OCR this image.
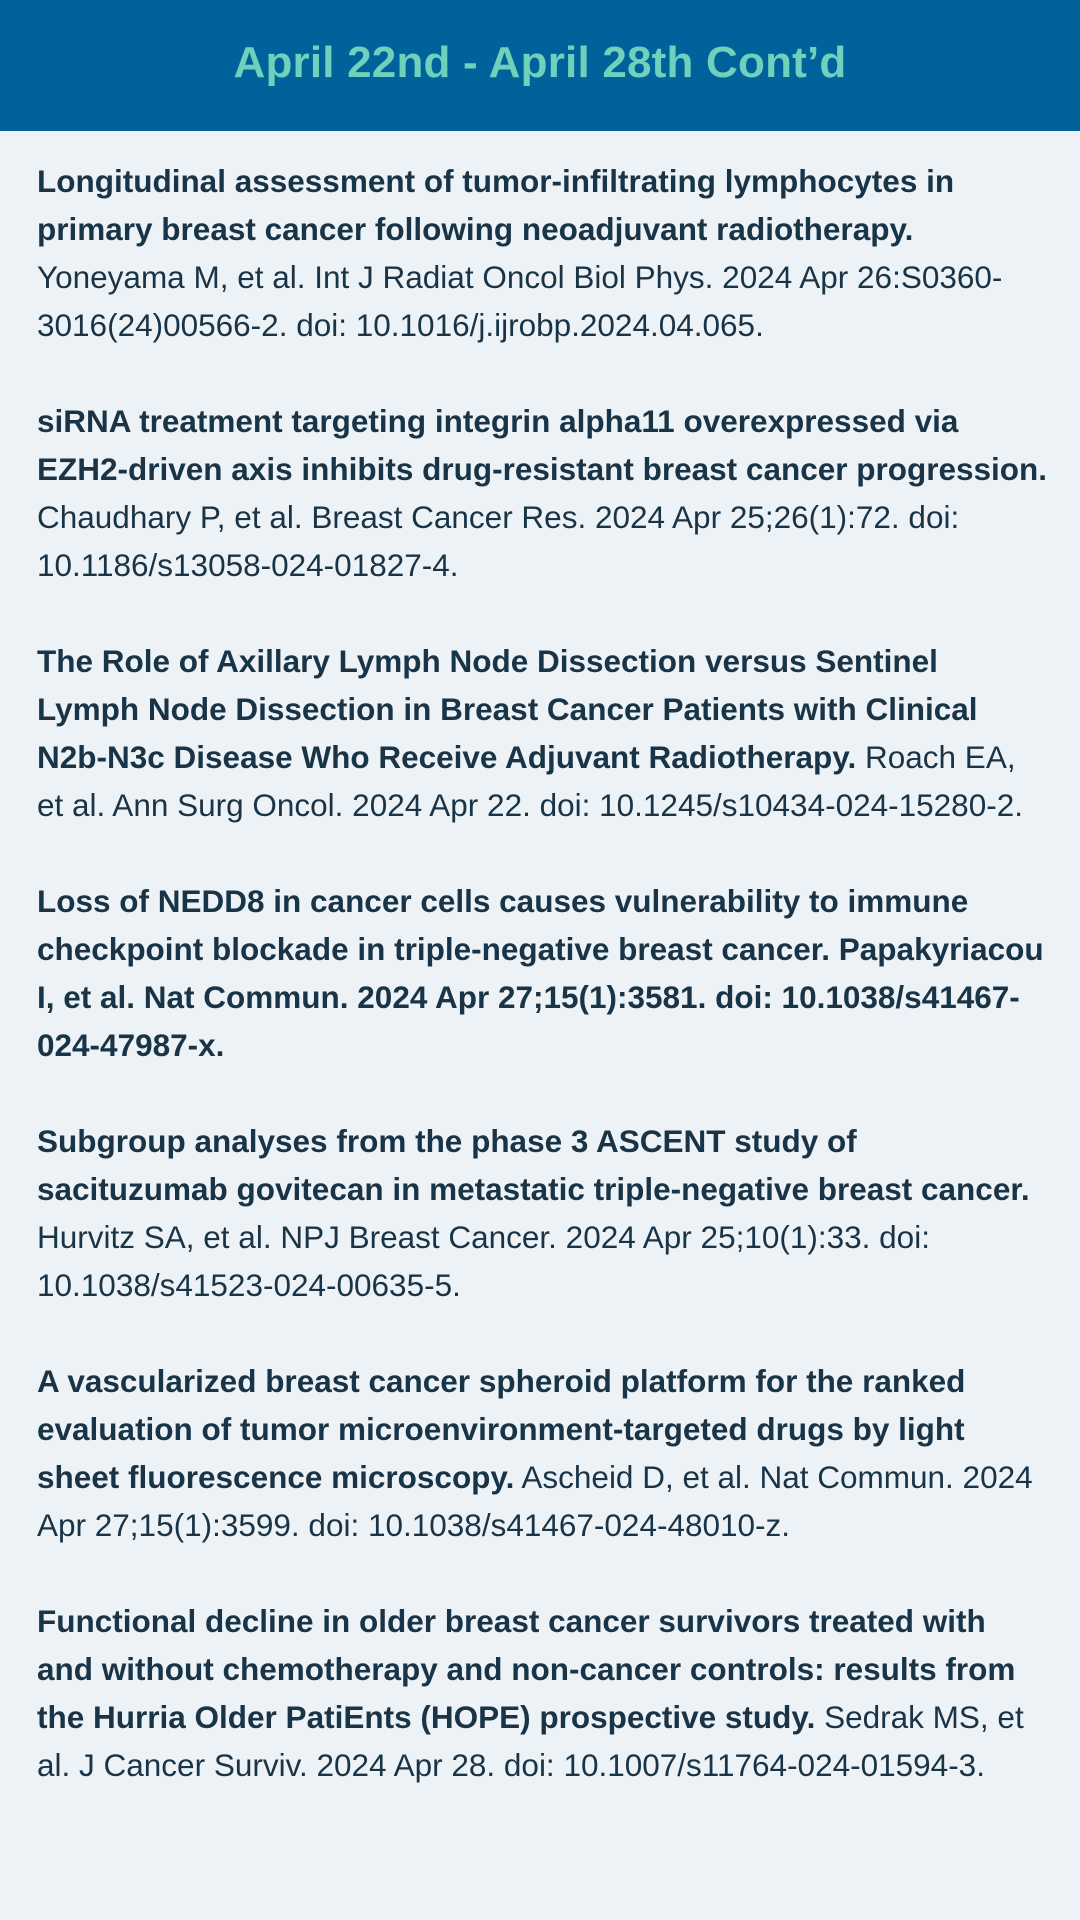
April 22nd - April 28th Cont’d

Longitudinal assessment of tumor-infiltrating lymphocytes in primary breast cancer following neoadjuvant radiotherapy. Yoneyama M, et al. Int J Radiat Oncol Biol Phys. 2024 Apr 26:S0360-3016(24)00566-2. doi: 10.1016/j.ijrobp.2024.04.065.

siRNA treatment targeting integrin alpha11 overexpressed via EZH2-driven axis inhibits drug-resistant breast cancer progression. Chaudhary P, et al. Breast Cancer Res. 2024 Apr 25;26(1):72. doi: 10.1186/s13058-024-01827-4.

The Role of Axillary Lymph Node Dissection versus Sentinel Lymph Node Dissection in Breast Cancer Patients with Clinical N2b-N3c Disease Who Receive Adjuvant Radiotherapy. Roach EA, et al. Ann Surg Oncol. 2024 Apr 22. doi: 10.1245/s10434-024-15280-2.

Loss of NEDD8 in cancer cells causes vulnerability to immune checkpoint blockade in triple-negative breast cancer. Papakyriacou I, et al. Nat Commun. 2024 Apr 27;15(1):3581. doi: 10.1038/s41467-024-47987-x.

Subgroup analyses from the phase 3 ASCENT study of sacituzumab govitecan in metastatic triple-negative breast cancer. Hurvitz SA, et al. NPJ Breast Cancer. 2024 Apr 25;10(1):33. doi: 10.1038/s41523-024-00635-5.

A vascularized breast cancer spheroid platform for the ranked evaluation of tumor microenvironment-targeted drugs by light sheet fluorescence microscopy. Ascheid D, et al. Nat Commun. 2024 Apr 27;15(1):3599. doi: 10.1038/s41467-024-48010-z.

Functional decline in older breast cancer survivors treated with and without chemotherapy and non-cancer controls: results from the Hurria Older PatiEnts (HOPE) prospective study. Sedrak MS, et al. J Cancer Surviv. 2024 Apr 28. doi: 10.1007/s11764-024-01594-3.
